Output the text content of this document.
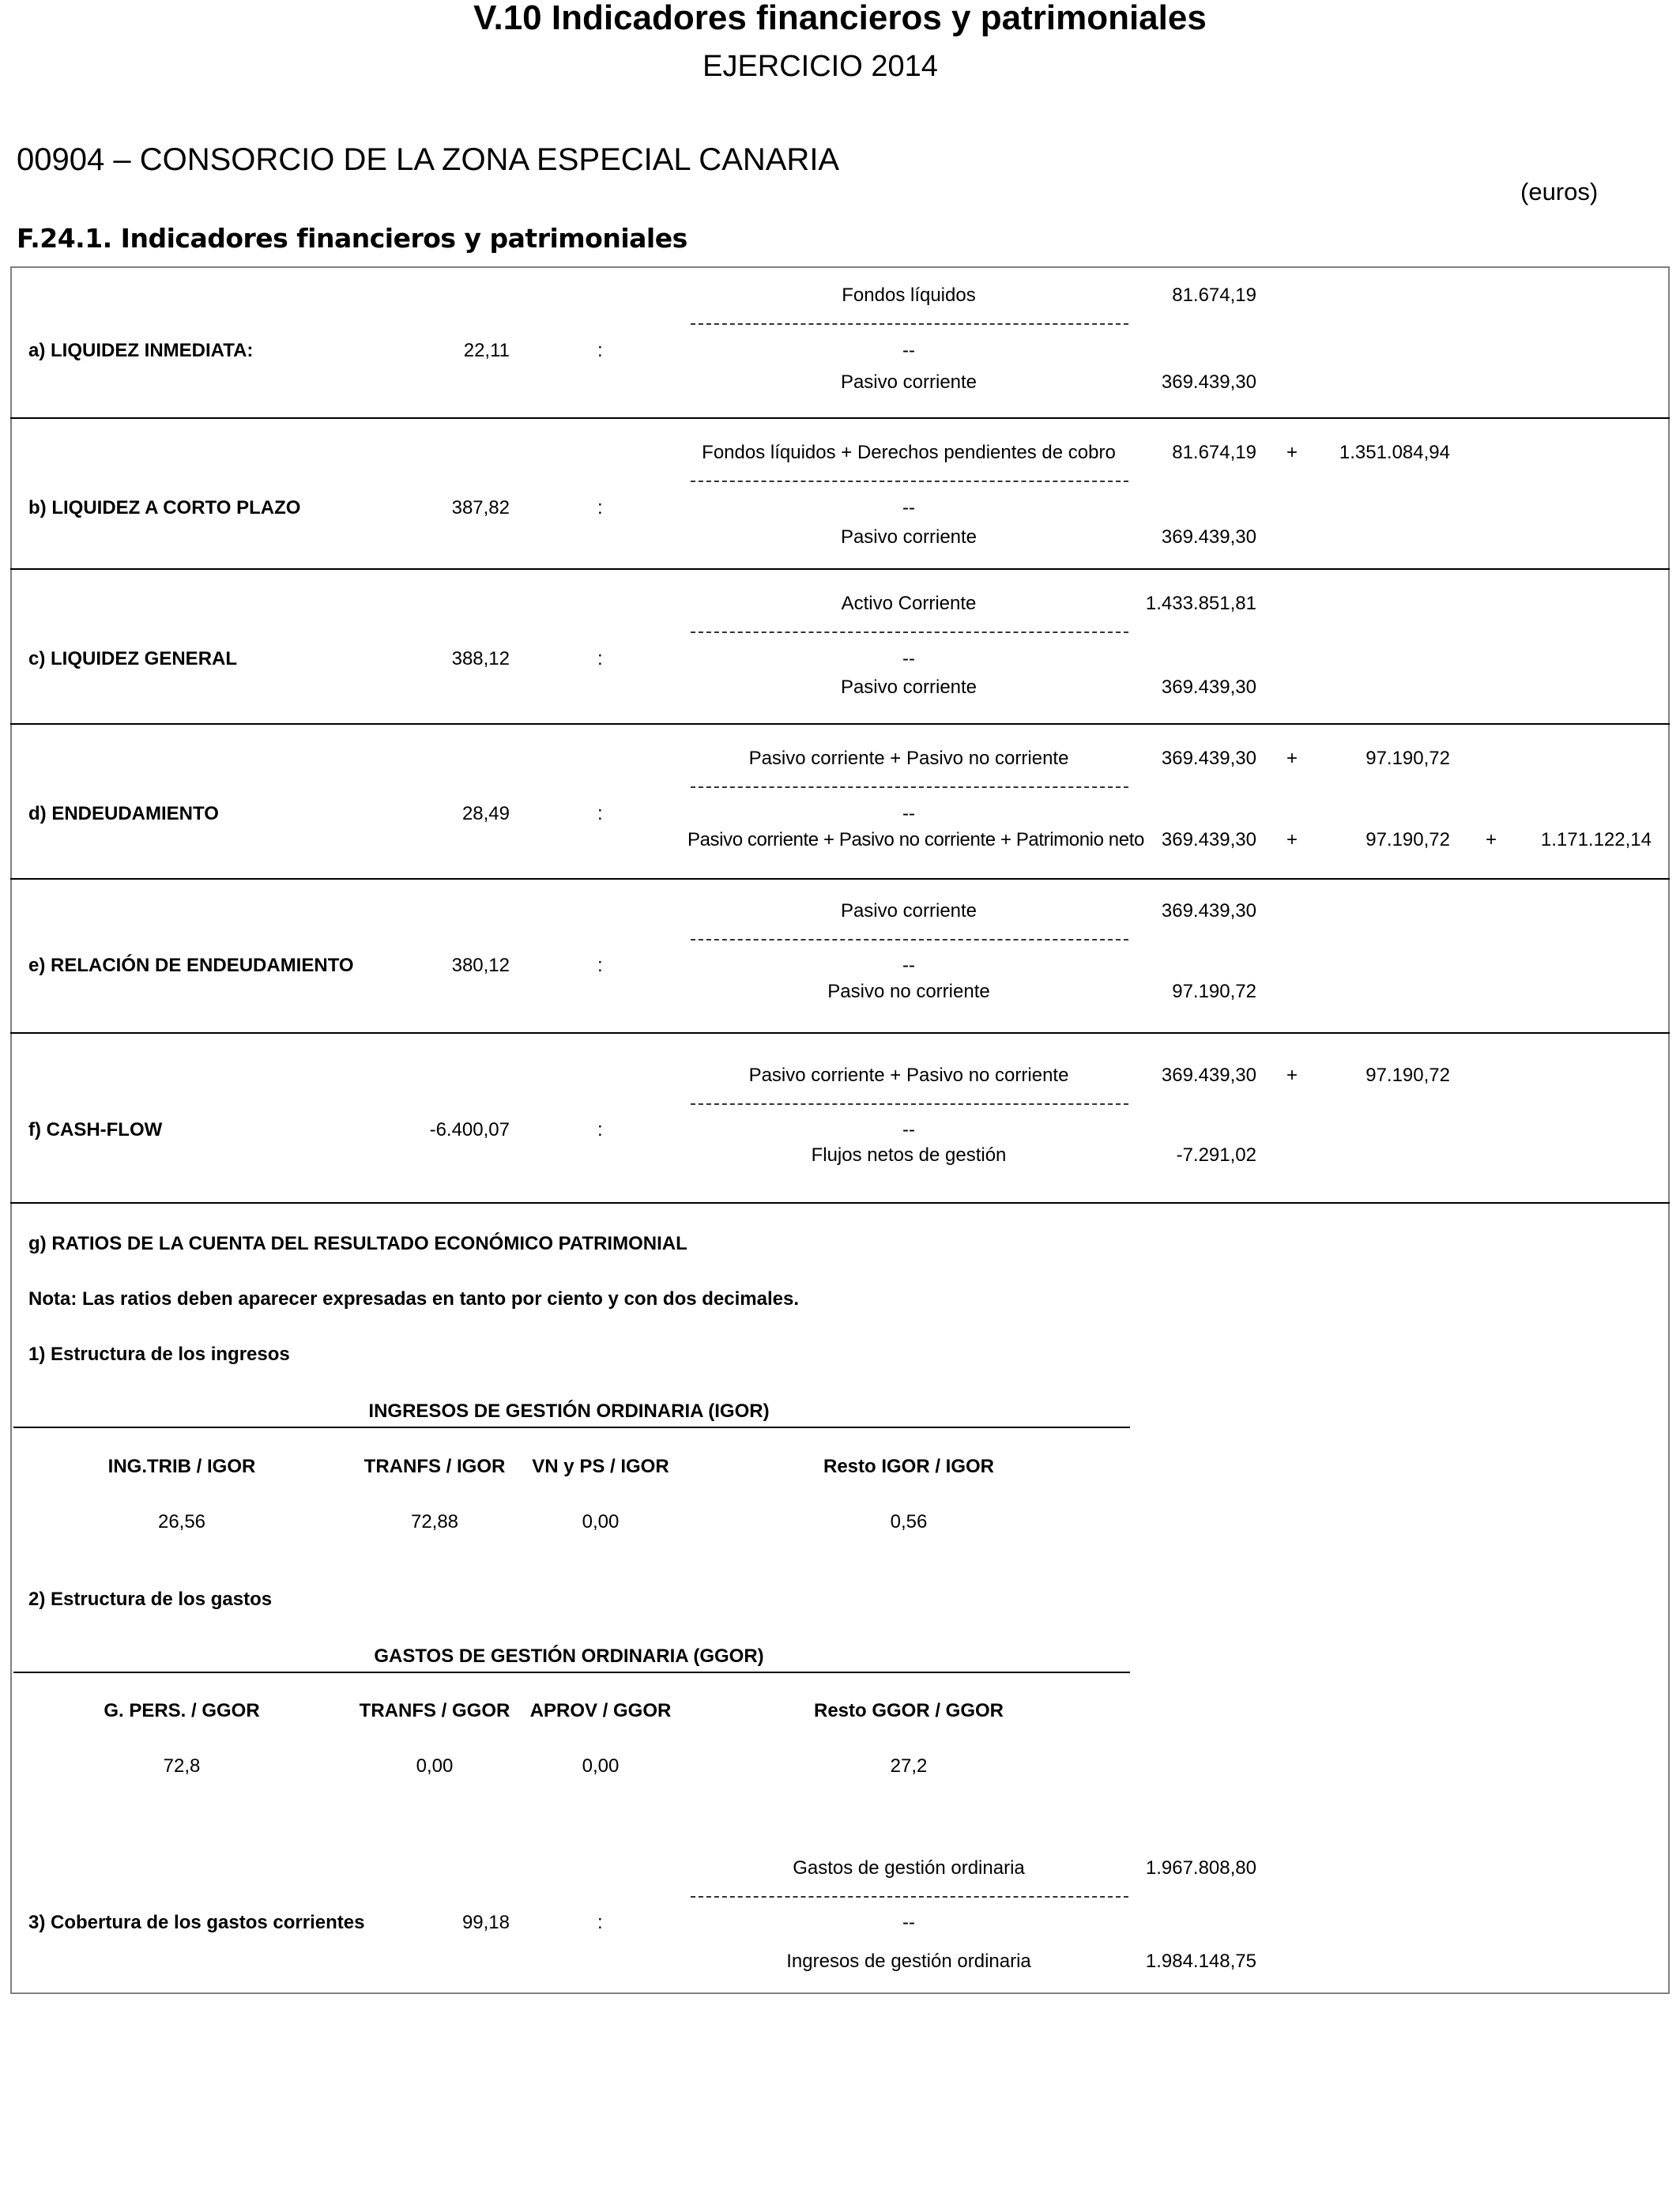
V.10 Indicadores financieros y patrimoniales
EJERCICIO 2014
00904 – CONSORCIO DE LA ZONA ESPECIAL CANARIA
(euros)
F.24.1. Indicadores financieros y patrimoniales
a) LIQUIDEZ INMEDIATA:	22,11	:
Fondos líquidos	81.674,19
--
Pasivo corriente	369.439,30
b) LIQUIDEZ A CORTO PLAZO	387,82	:
Fondos líquidos + Derechos pendientes de cobro	81.674,19 +	1.351.084,94
--
Pasivo corriente	369.439,30
c) LIQUIDEZ GENERAL	388,12	:
Activo Corriente	1.433.851,81
--
Pasivo corriente	369.439,30
d) ENDEUDAMIENTO	28,49	:
Pasivo corriente + Pasivo no corriente	369.439,30 +	97.190,72
--
Pasivo corriente + Pasivo no corriente + Patrimonio neto 369.439,30 +	97.190,72 +	1.171.122,14
e) RELACIÓN DE ENDEUDAMIENTO	380,12	:
Pasivo corriente	369.439,30
--
Pasivo no corriente	97.190,72
f) CASH-FLOW	-6.400,07	:
Pasivo corriente + Pasivo no corriente	369.439,30 +	97.190,72
--
Flujos netos de gestión	-7.291,02
g) RATIOS DE LA CUENTA DEL RESULTADO ECONÓMICO PATRIMONIAL
Nota: Las ratios deben aparecer expresadas en tanto por ciento y con dos decimales.
1) Estructura de los ingresos
INGRESOS DE GESTIÓN ORDINARIA (IGOR)
ING.TRIB / IGOR	TRANFS / IGOR	VN y PS / IGOR	Resto IGOR / IGOR
26,56	72,88	0,00	0,56
2) Estructura de los gastos
GASTOS DE GESTIÓN ORDINARIA (GGOR)
G. PERS. / GGOR	TRANFS / GGOR	APROV / GGOR	Resto GGOR / GGOR
72,8	0,00	0,00	27,2
3) Cobertura de los gastos corrientes	99,18	:
Gastos de gestión ordinaria	1.967.808,80
--
Ingresos de gestión ordinaria	1.984.148,75
